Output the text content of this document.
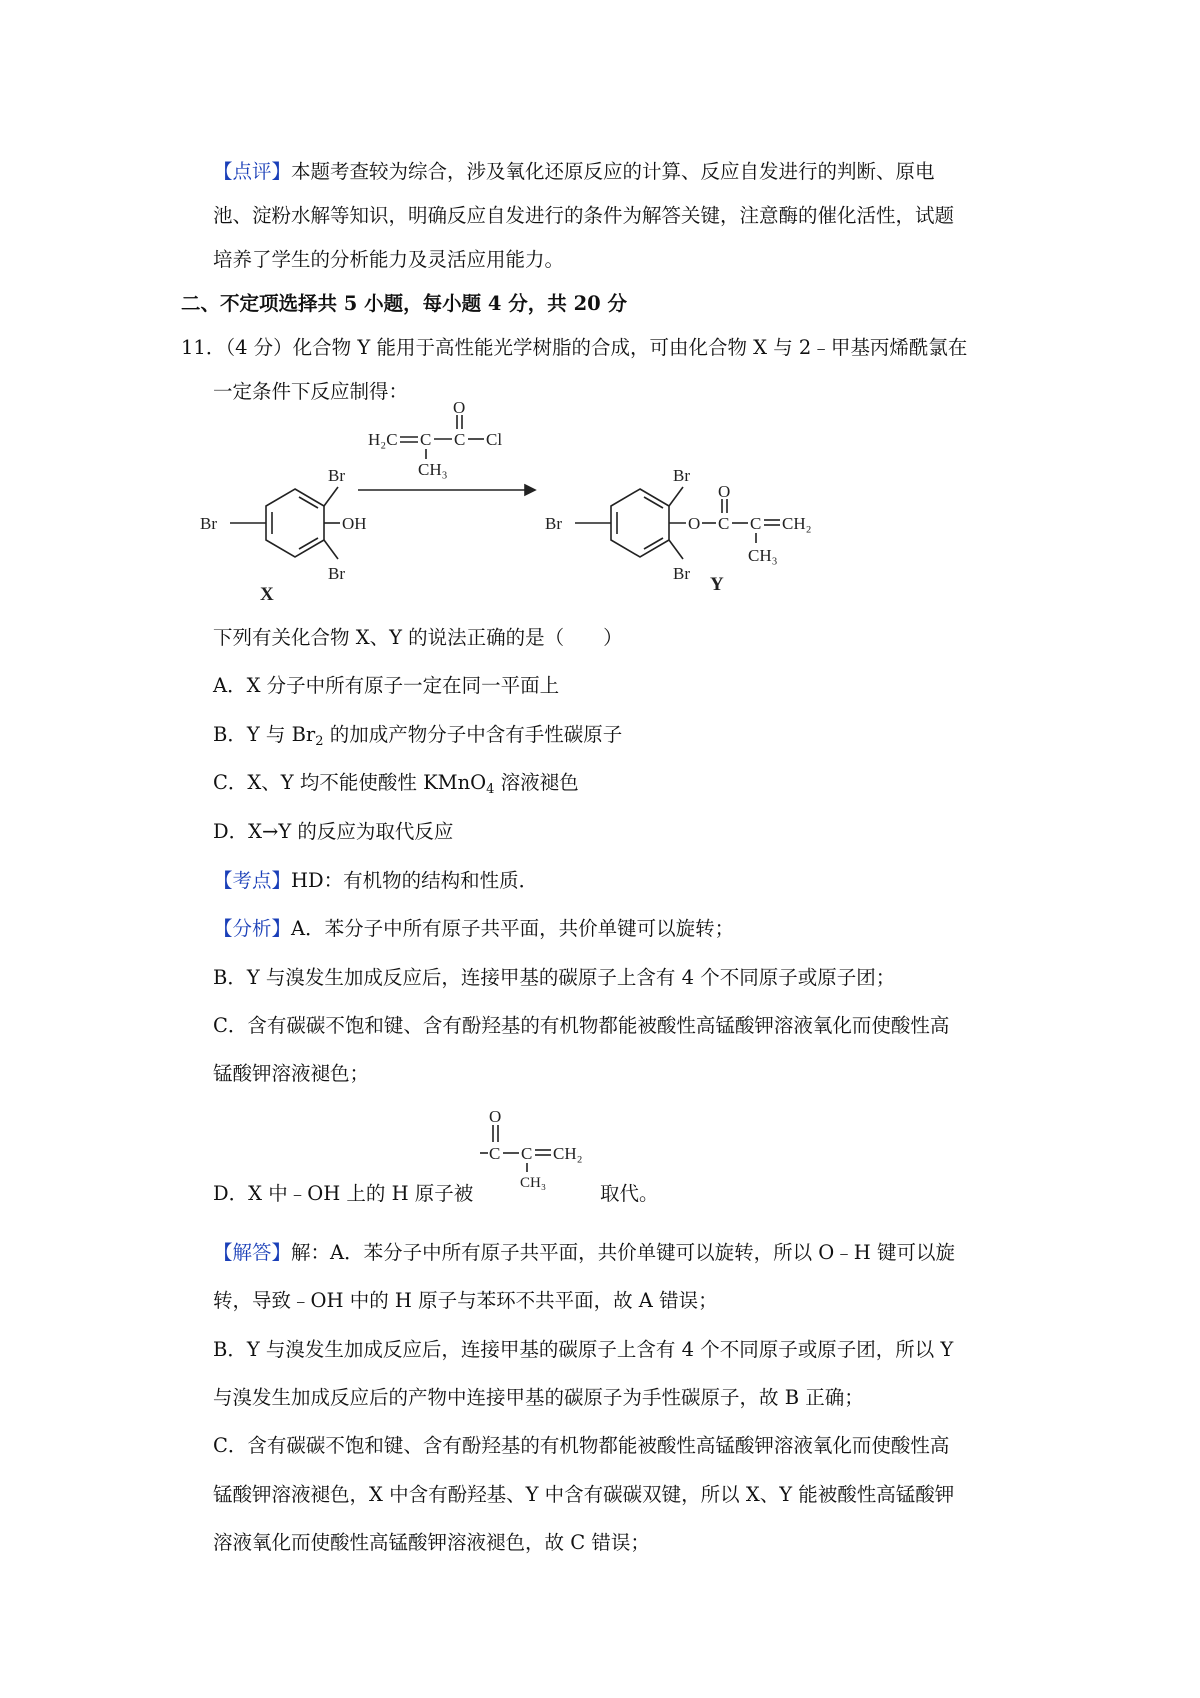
【点评】本题考查较为综合，涉及氧化还原反应的计算、反应自发进行的判断、原电
池、淀粉水解等知识，明确反应自发进行的条件为解答关键，注意酶的催化活性，试题
培养了学生的分析能力及灵活应用能力。
二、不定项选择共 5 小题，每小题 4 分，共 20 分
11．（4 分）化合物 Y 能用于高性能光学树脂的合成，可由化合物 X 与 2﹣甲基丙烯酰氯在
一定条件下反应制得：
Br
Br
Br	OH
X
H₂C C C Cl
O
CH₃	Br
Br
Br	O C
O
C CH₂
CH₃
Y
下列有关化合物 X、Y 的说法正确的是（　　）
A．X 分子中所有原子一定在同一平面上
B．Y 与 $Br_2$ 的加成产物分子中含有手性碳原子
C．X、Y 均不能使酸性 KMnO$_4$ 溶液褪色
D．X→Y 的反应为取代反应
【考点】HD：有机物的结构和性质．
【分析】A．苯分子中所有原子共平面，共价单键可以旋转；
B．Y 与溴发生加成反应后，连接甲基的碳原子上含有 4 个不同原子或原子团；
C．含有碳碳不饱和键、含有酚羟基的有机物都能被酸性高锰酸钾溶液氧化而使酸性高
锰酸钾溶液褪色；
D．X 中﹣OH 上的 H 原子被	取代。
C
O
C CH₂
CH₃
【解答】解：A．苯分子中所有原子共平面，共价单键可以旋转，所以 O﹣H 键可以旋
转，导致﹣OH 中的 H 原子与苯环不共平面，故 A 错误；
B．Y 与溴发生加成反应后，连接甲基的碳原子上含有 4 个不同原子或原子团，所以 Y
与溴发生加成反应后的产物中连接甲基的碳原子为手性碳原子，故 B 正确；
C．含有碳碳不饱和键、含有酚羟基的有机物都能被酸性高锰酸钾溶液氧化而使酸性高
锰酸钾溶液褪色，X 中含有酚羟基、Y 中含有碳碳双键，所以 X、Y 能被酸性高锰酸钾
溶液氧化而使酸性高锰酸钾溶液褪色，故 C 错误；
